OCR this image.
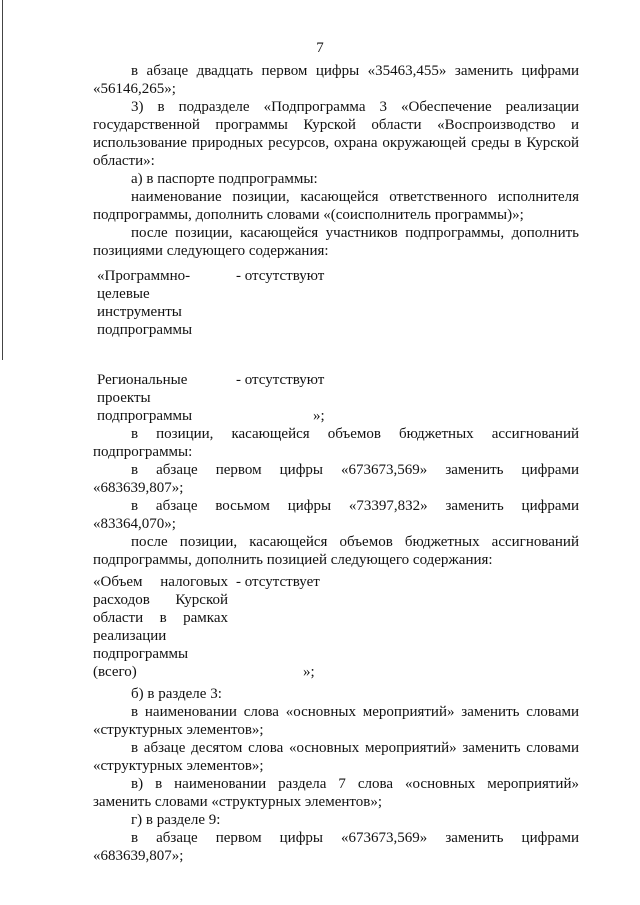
7

в абзаце двадцать первом цифры «35463,455» заменить цифрами «56146,265»;

3) в подразделе «Подпрограмма 3 «Обеспечение реализации государственной программы Курской области «Воспроизводство и использование природных ресурсов, охрана окружающей среды в Курской области»:

а) в паспорте подпрограммы:

наименование позиции, касающейся ответственного исполнителя подпрограммы, дополнить словами «(соисполнитель программы)»;

после позиции, касающейся участников подпрограммы, дополнить позициями следующего содержания:

«Программно-целевые инструменты подпрограммы
- отсутствуют
Региональные проекты подпрограммы
- отсутствуют
»;

в позиции, касающейся объемов бюджетных ассигнований подпрограммы:

в абзаце первом цифры «673673,569» заменить цифрами «683639,807»;

в абзаце восьмом цифры «73397,832» заменить цифрами «83364,070»;

после позиции, касающейся объемов бюджетных ассигнований подпрограммы, дополнить позицией следующего содержания:

«Объем налоговых расходов Курской области в рамках реализации подпрограммы (всего)
- отсутствует
»;

б) в разделе 3:

в наименовании слова «основных мероприятий» заменить словами «структурных элементов»;

в абзаце десятом слова «основных мероприятий» заменить словами «структурных элементов»;

в) в наименовании раздела 7 слова «основных мероприятий» заменить словами «структурных элементов»;

г) в разделе 9:

в абзаце первом цифры «673673,569» заменить цифрами «683639,807»;
